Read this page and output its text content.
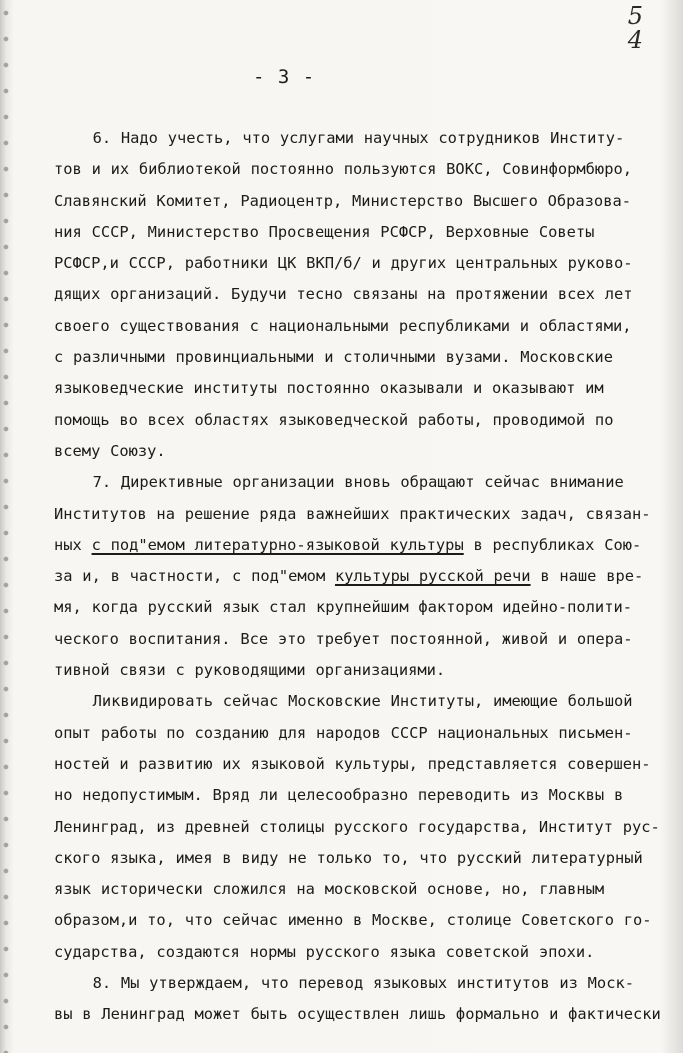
5
4
- 3 -
6. Надо учесть, что услугами научных сотрудников Институ-
тов и их библиотекой постоянно пользуются ВОКС, Совинформбюро,
Славянский Комитет, Радиоцентр, Министерство Высшего Образова-
ния СССР, Министерство Просвещения РСФСР, Верховные Советы
РСФСР,и СССР, работники ЦК ВКП/б/ и других центральных руково-
дящих организаций. Будучи тесно связаны на протяжении всех лет
своего существования с национальными республиками и областями,
с различными провинциальными и столичными вузами. Московские
языковедческие институты постоянно оказывали и оказывают им
помощь во всех областях языковедческой работы, проводимой по
всему Союзу.
7. Директивные организации вновь обращают сейчас внимание
Институтов на решение ряда важнейших практических задач, связан-
ных с под"емом литературно-языковой культуры в республиках Сою-
за и, в частности, с под"емом культуры русской речи в наше вре-
мя, когда русский язык стал крупнейшим фактором идейно-полити-
ческого воспитания. Все это требует постоянной, живой и опера-
тивной связи с руководящими организациями.
Ликвидировать сейчас Московские Институты, имеющие большой
опыт работы по созданию для народов СССР национальных письмен-
ностей и развитию их языковой культуры, представляется совершен-
но недопустимым. Вряд ли целесообразно переводить из Москвы в
Ленинград, из древней столицы русского государства, Институт рус-
ского языка, имея в виду не только то, что русский литературный
язык исторически сложился на московской основе, но, главным
образом,и то, что сейчас именно в Москве, столице Советского го-
сударства, создаются нормы русского языка советской эпохи.
8. Мы утверждаем, что перевод языковых институтов из Моск-
вы в Ленинград может быть осуществлен лишь формально и фактически
